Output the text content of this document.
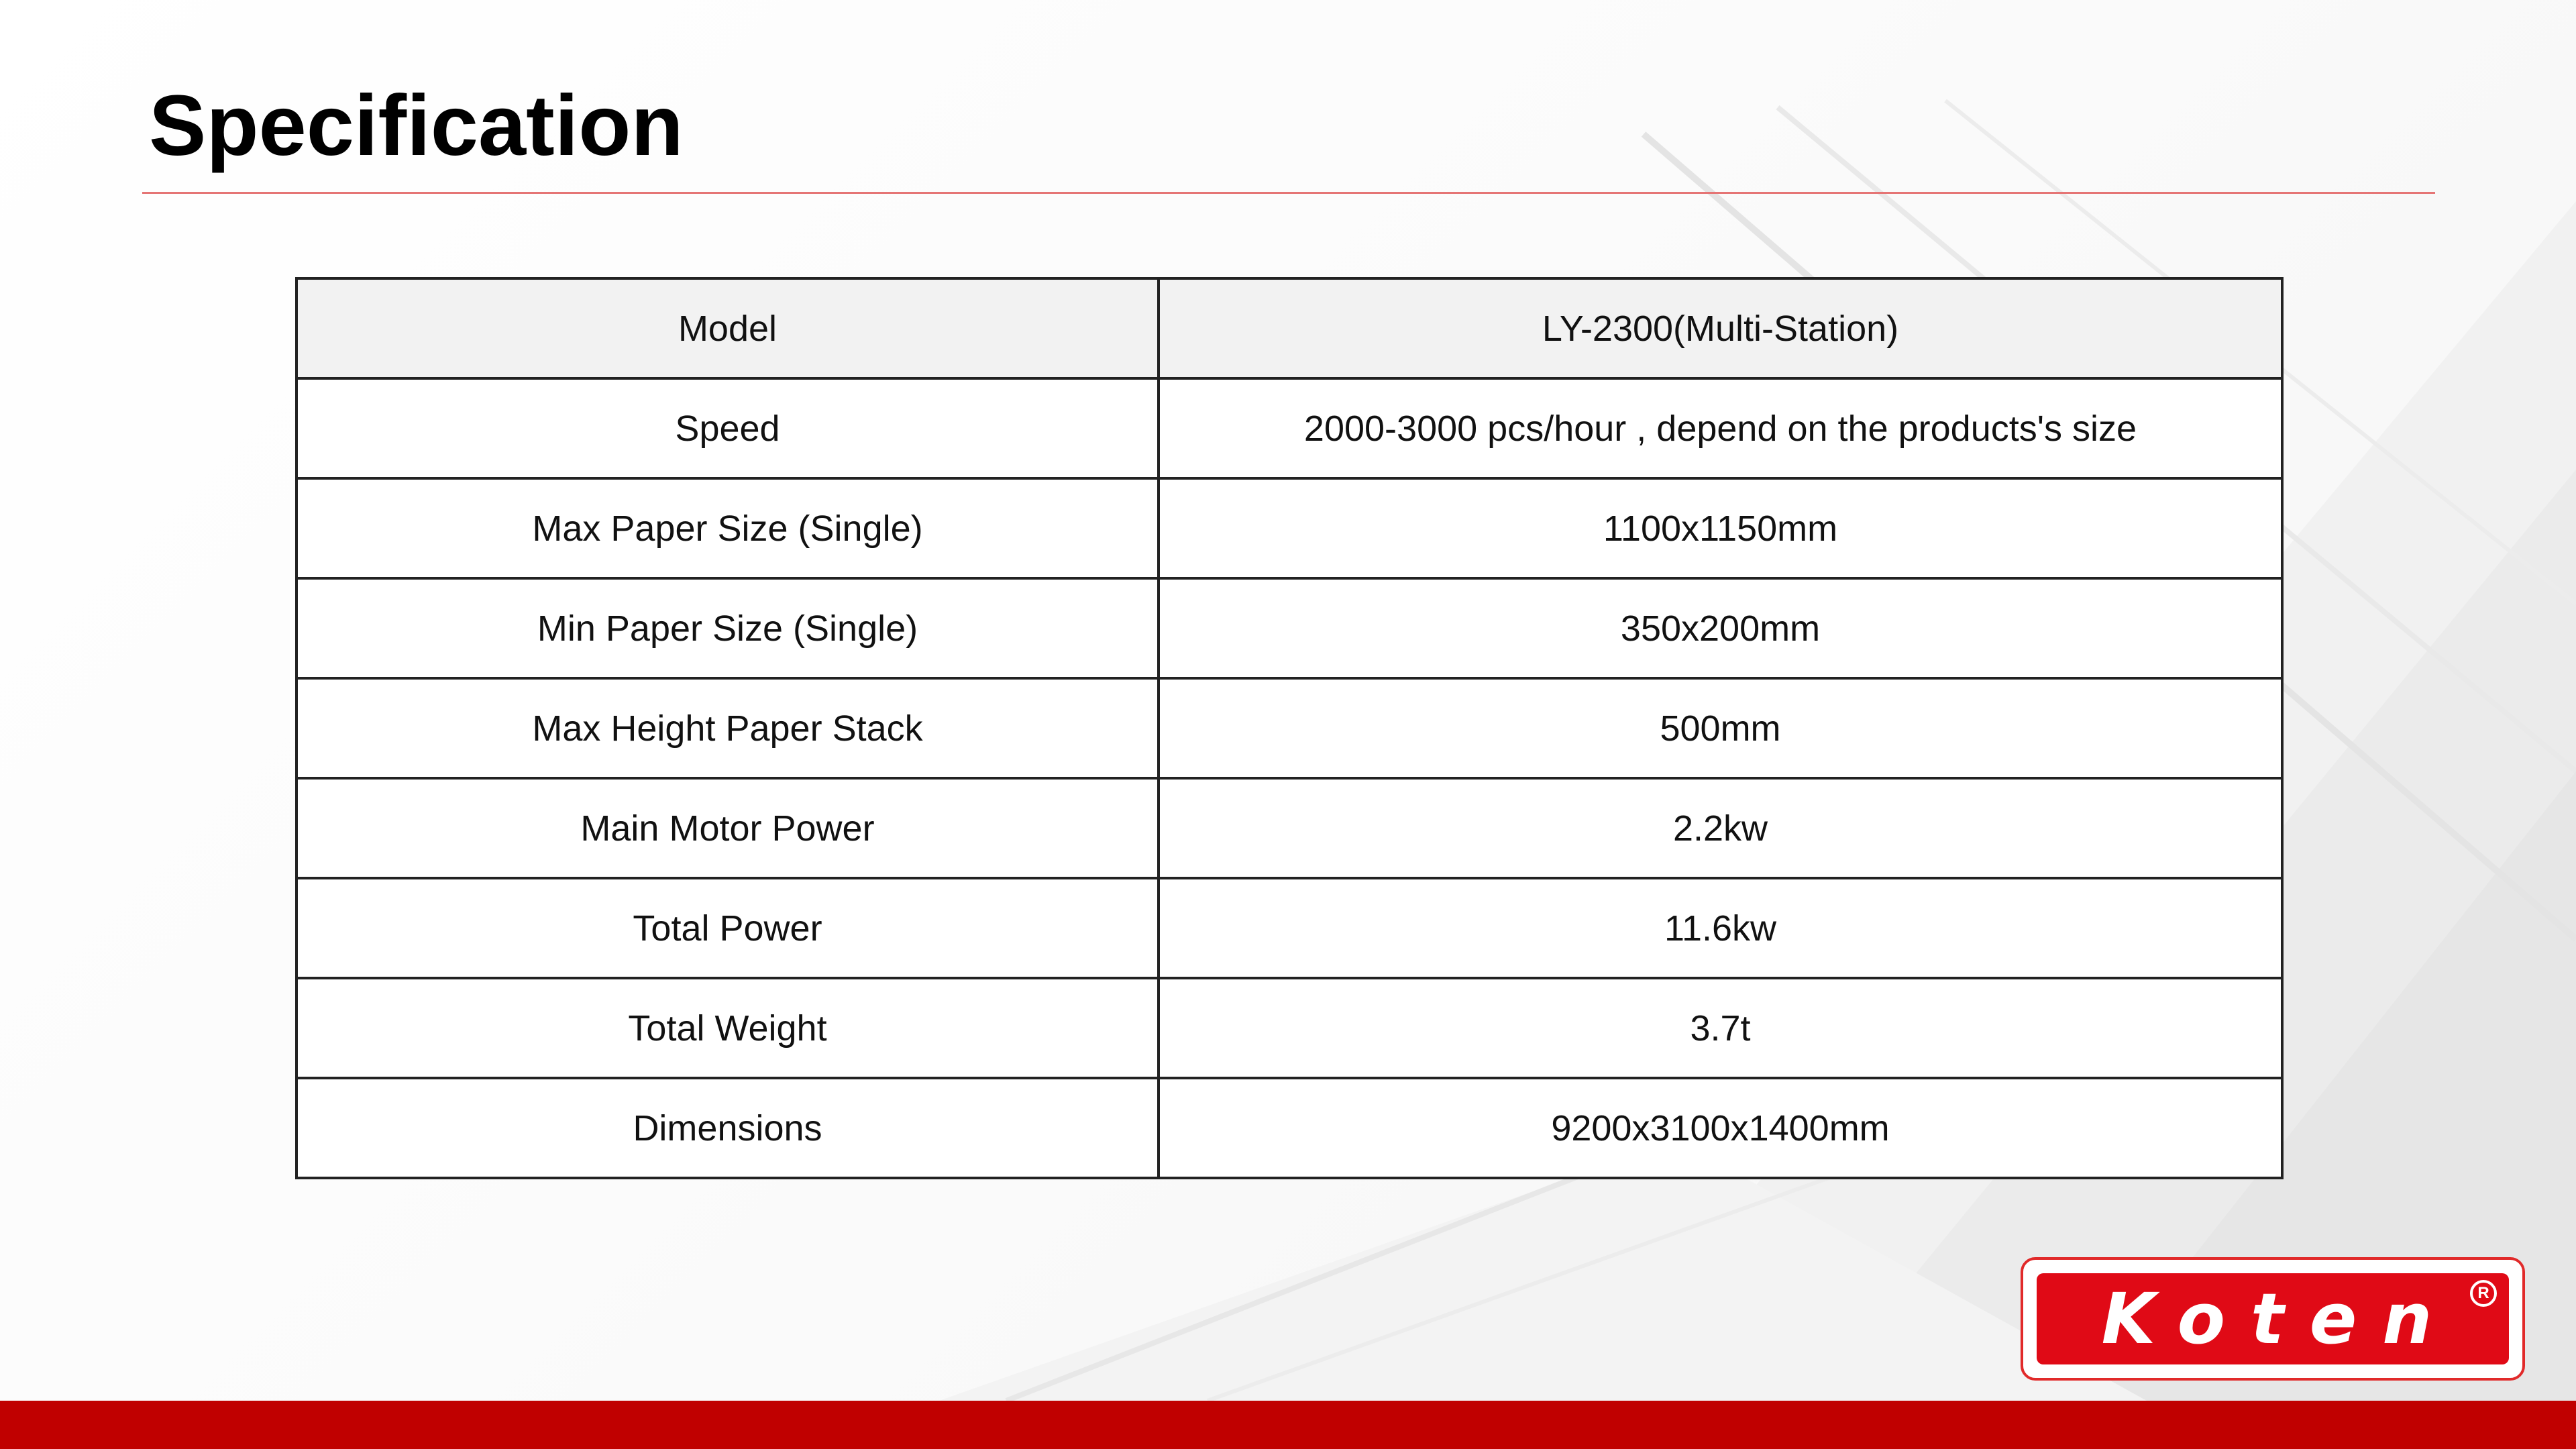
Specification
Model	LY-2300(Multi-Station)
Speed	2000-3000 pcs/hour , depend on the products's size
Max Paper Size (Single)	1100x1150mm
Min Paper Size (Single)	350x200mm
Max Height Paper Stack	500mm
Main Motor Power	2.2kw
Total Power	11.6kw
Total Weight	3.7t
Dimensions	9200x3100x1400mm
Koten	R
